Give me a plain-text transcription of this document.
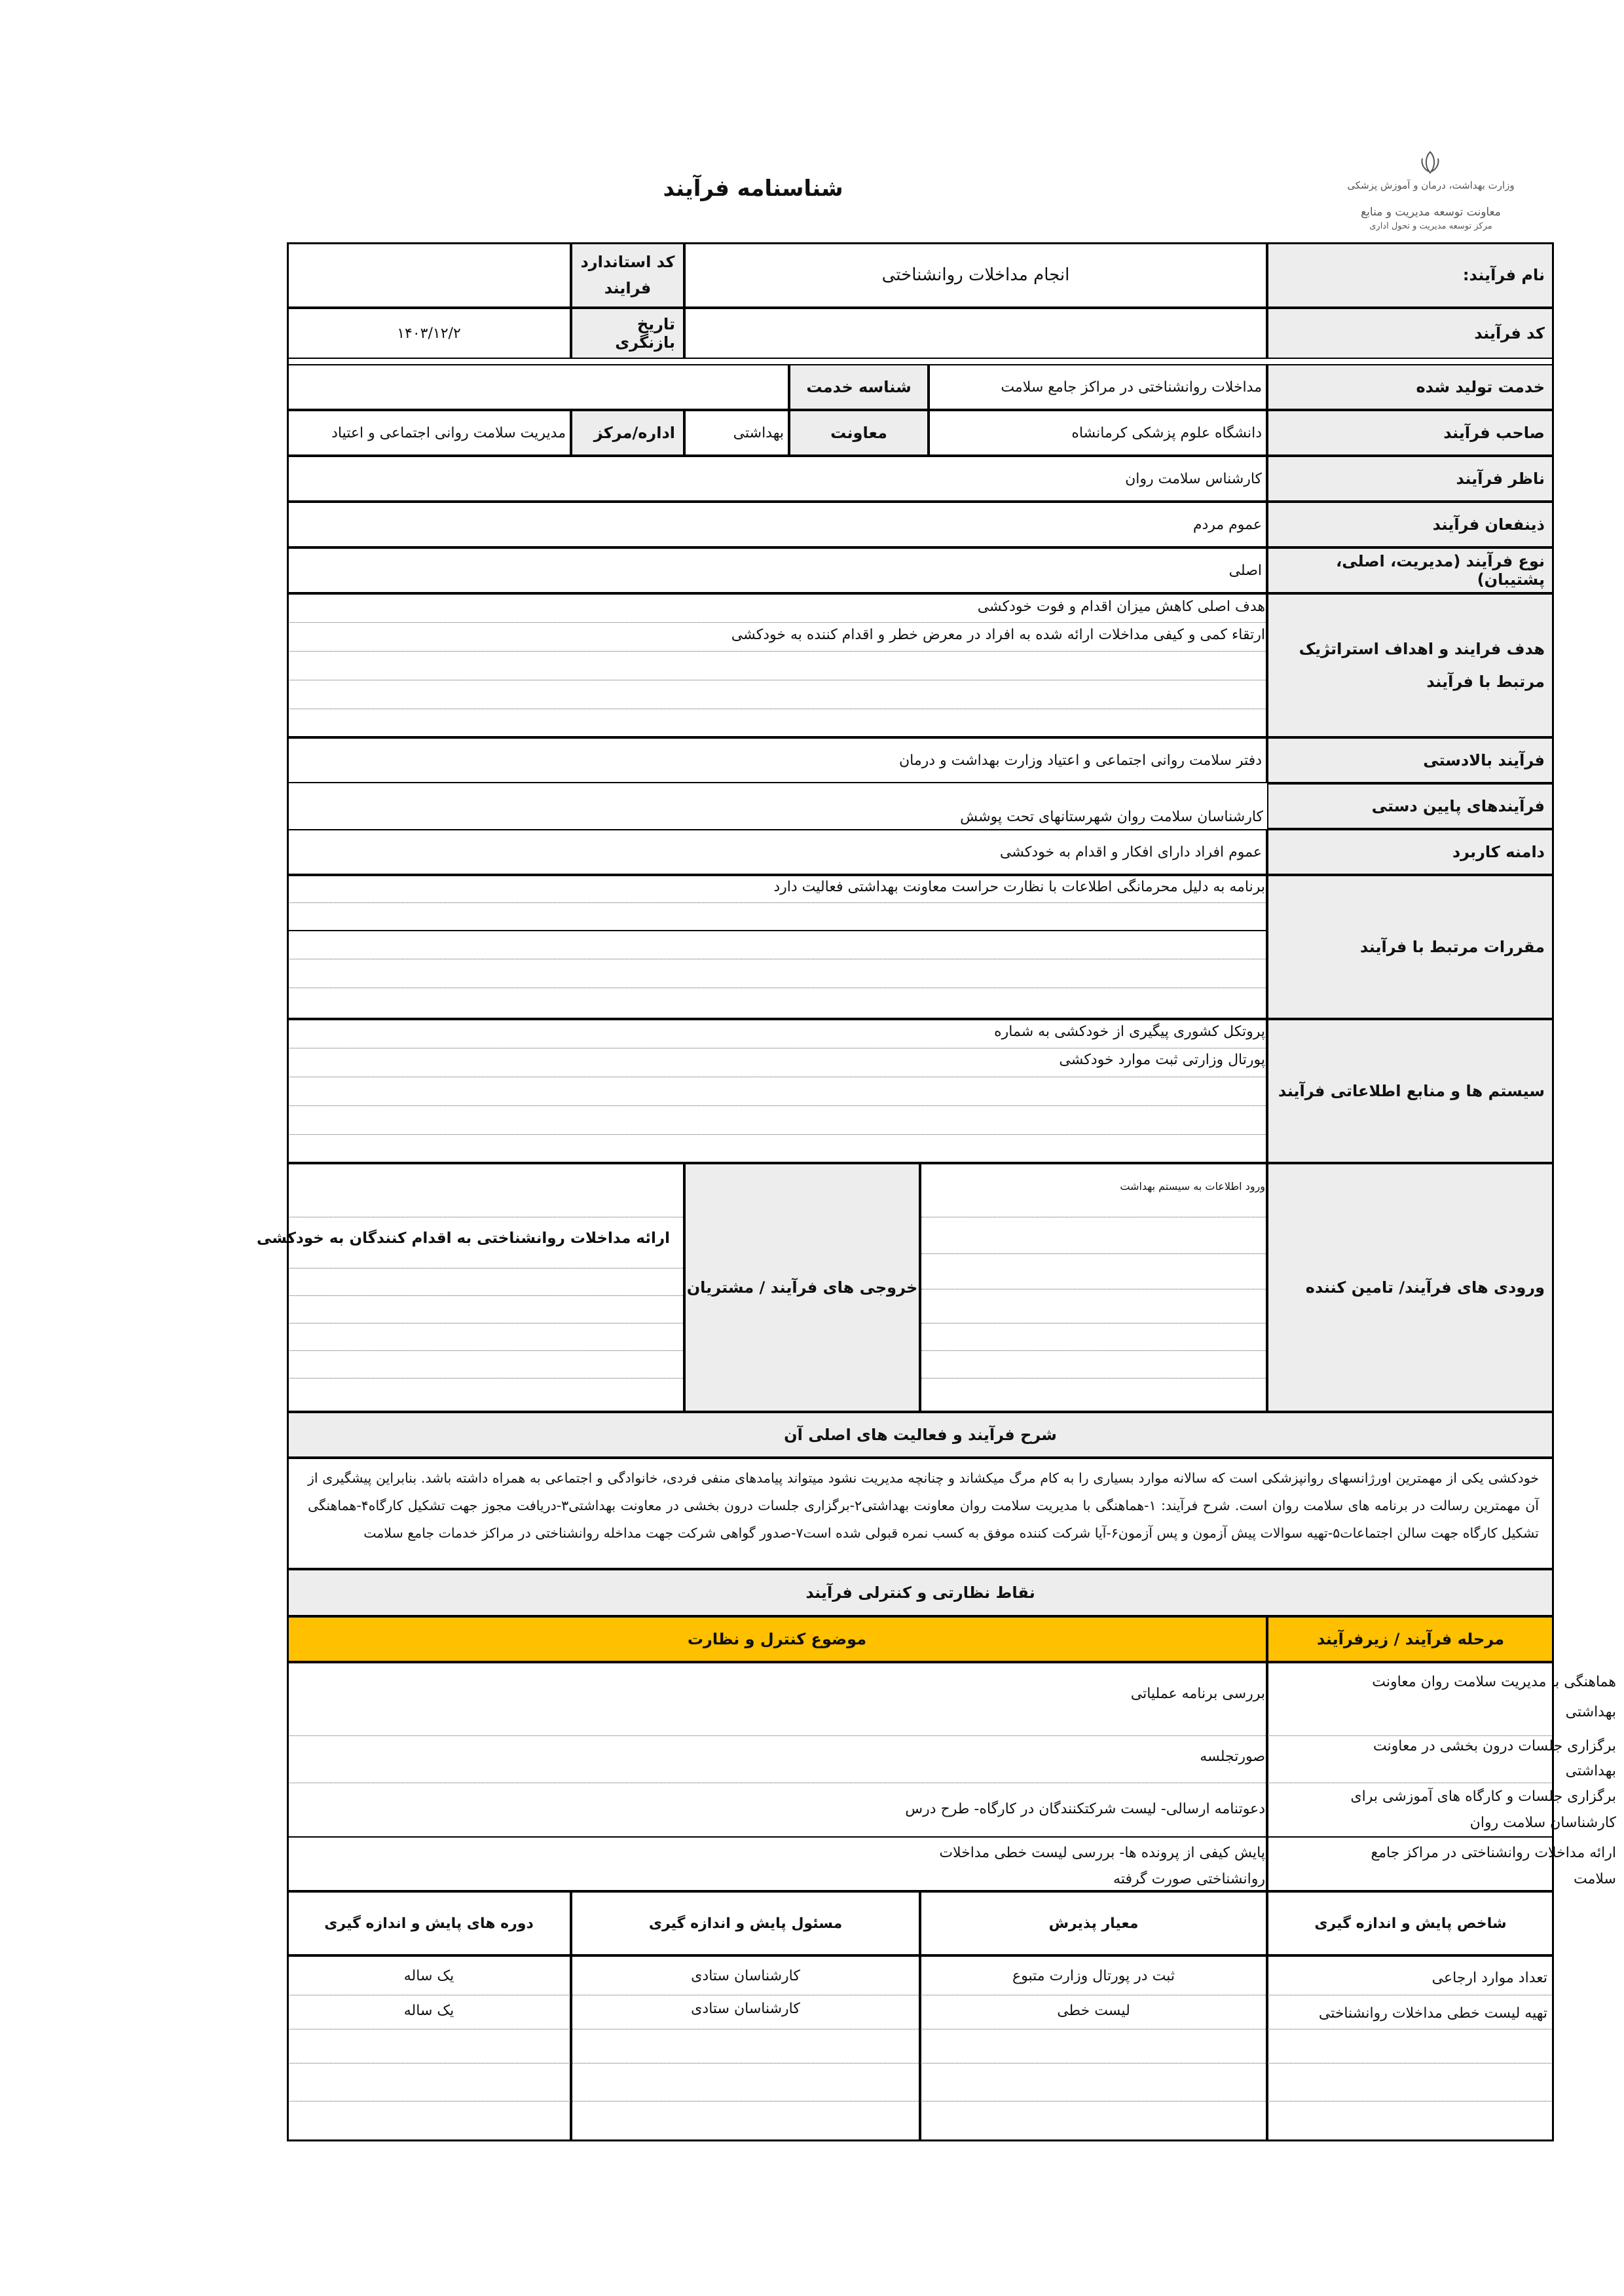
وزارت بهداشت، درمان و آموزش پزشکی
معاونت توسعه مدیریت و منابع
مرکز توسعه مدیریت و تحول اداری
شناسنامه فرآیند
نام فرآیند:
انجام مداخلات روانشناختی
کد استاندارد فرایند
کد فرآیند
تاریخ بازنگری
۱۴۰۳/۱۲/۲
خدمت تولید شده
مداخلات روانشناختی در مراکز جامع سلامت
شناسه خدمت
صاحب فرآیند
دانشگاه علوم پزشکی کرمانشاه
معاونت
بهداشتی
اداره/مرکز
مدیریت سلامت روانی اجتماعی و اعتیاد
ناظر فرآیند
کارشناس سلامت روان
ذینفعان فرآیند
عموم مردم
نوع فرآیند (مدیریت، اصلی، پشتیبان)
اصلی
هدف فرایند و اهداف استراتژیک مرتبط با فرآیند
هدف اصلی کاهش میزان اقدام و فوت خودکشی
ارتقاء کمی و کیفی مداخلات ارائه شده به افراد در معرض خطر و اقدام کننده به خودکشی
فرآیند بالادستی
دفتر سلامت روانی اجتماعی و اعتیاد وزارت بهداشت و درمان
فرآیندهای پایین دستی
کارشناسان سلامت روان شهرستانهای تحت پوشش
دامنه کاربرد
عموم افراد دارای افکار و اقدام به خودکشی
مقررات مرتبط با فرآیند
برنامه به دلیل محرمانگی اطلاعات با نظارت حراست معاونت بهداشتی فعالیت دارد
سیستم ها و منابع اطلاعاتی فرآیند
پروتکل کشوری پیگیری از خودکشی به شماره
پورتال وزارتی ثبت موارد خودکشی
ورودی های فرآیند/ تامین کننده
ورود اطلاعات به سیستم بهداشت
خروجی های فرآیند / مشتریان
ارائه مداخلات روانشناختی به اقدام کنندگان به خودکشی
شرح فرآیند و فعالیت های اصلی آن
خودکشی یکی از مهمترین اورژانسهای روانپزشکی است که سالانه موارد بسیاری را به کام مرگ میکشاند و چنانچه مدیریت نشود میتواند پیامدهای منفی فردی، خانوادگی و اجتماعی به همراه داشته باشد. بنابراین پیشگیری از آن مهمترین رسالت در برنامه های سلامت روان است. شرح فرآیند: ۱-هماهنگی با مدیریت سلامت روان معاونت بهداشتی۲-برگزاری جلسات درون بخشی در معاونت بهداشتی۳-دریافت مجوز جهت تشکیل کارگاه۴-هماهنگی تشکیل کارگاه جهت سالن اجتماعات۵-تهیه سوالات پیش آزمون و پس آزمون۶-آیا شرکت کننده موفق به کسب نمره قبولی شده است۷-صدور گواهی شرکت جهت مداخله روانشناختی در مراکز خدمات جامع سلامت
نقاط نظارتی و کنترلی فرآیند
مرحله فرآیند / زیرفرآیند
موضوع کنترل و نظارت
هماهنگی با مدیریت سلامت روان معاونت بهداشتی
بررسی برنامه عملیاتی
برگزاری جلسات درون بخشی در معاونت بهداشتی
صورتجلسه
برگزاری جلسات و کارگاه های آموزشی برای کارشناسان سلامت روان
دعوتنامه ارسالی- لیست شرکتکنندگان در کارگاه- طرح درس
ارائه مداخلات روانشناختی در مراکز جامع سلامت
پایش کیفی از پرونده ها- بررسی لیست خطی مداخلات روانشناختی صورت گرفته
شاخص پایش و اندازه گیری
معیار پذیرش
مسئول پایش و اندازه گیری
دوره های پایش و اندازه گیری
تعداد موارد ارجاعی
ثبت در پورتال وزارت متبوع
کارشناسان ستادی
یک ساله
تهیه لیست خطی مداخلات روانشناختی
لیست خطی
کارشناسان ستادی
یک ساله
